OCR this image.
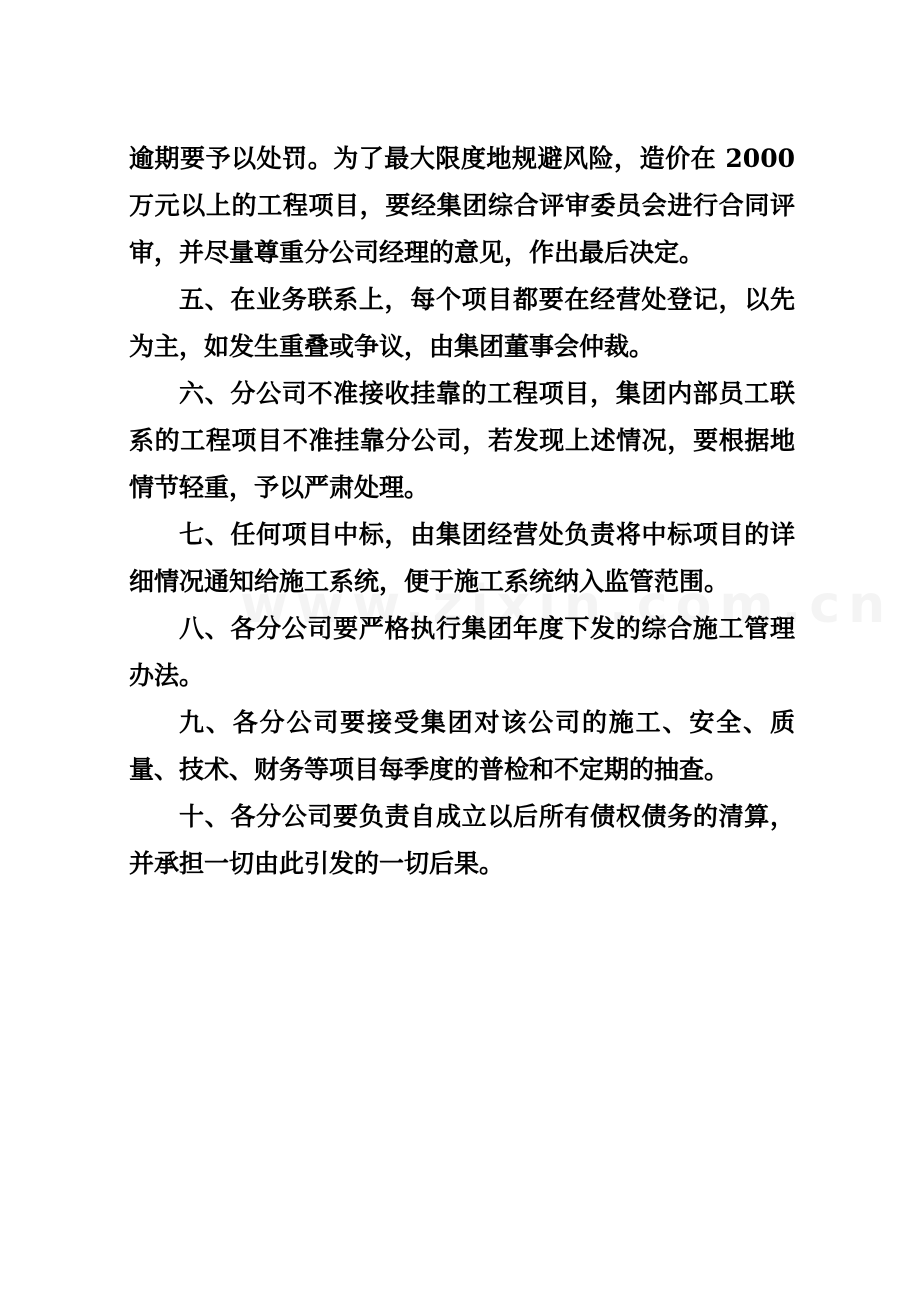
逾期要予以处罚。为了最大限度地规避风险，造价在 2000 万元以上的工程项目，要经集团综合评审委员会进行合同评审，并尽量尊重分公司经理的意见，作出最后决定。

五、在业务联系上，每个项目都要在经营处登记，以先为主，如发生重叠或争议，由集团董事会仲裁。

六、分公司不准接收挂靠的工程项目，集团内部员工联系的工程项目不准挂靠分公司，若发现上述情况，要根据地情节轻重，予以严肃处理。

七、任何项目中标，由集团经营处负责将中标项目的详细情况通知给施工系统，便于施工系统纳入监管范围。

八、各分公司要严格执行集团年度下发的综合施工管理办法。

九、各分公司要接受集团对该公司的施工、安全、质量、技术、财务等项目每季度的普检和不定期的抽查。

十、各分公司要负责自成立以后所有债权债务的清算，并承担一切由此引发的一切后果。
